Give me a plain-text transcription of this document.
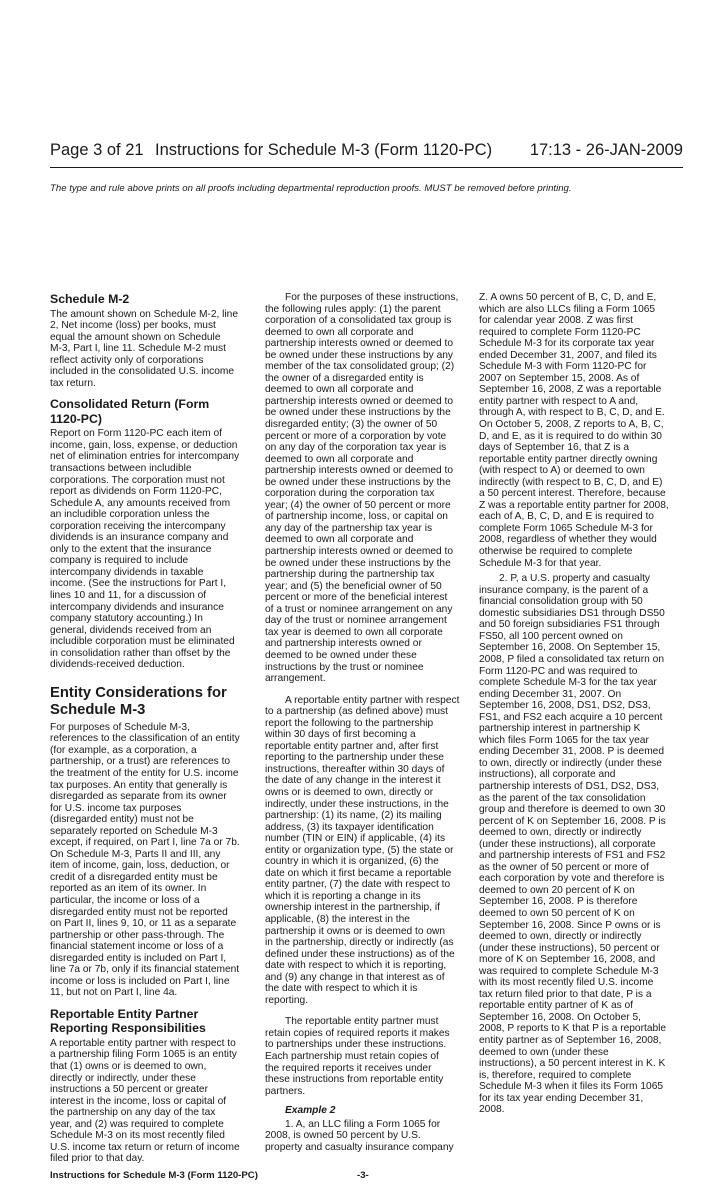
Page 3 of 21 Instructions for Schedule M-3 (Form 1120-PC) 17:13 - 26-JAN-2009
The type and rule above prints on all proofs including departmental reproduction proofs. MUST be removed before printing.
Schedule M-2

The amount shown on Schedule M-2, line

2, Net income (loss) per books, must

equal the amount shown on Schedule

M-3, Part I, line 11. Schedule M-2 must

reflect activity only of corporations

included in the consolidated U.S. income

tax return.

Consolidated Return (Form
1120-PC)

Report on Form 1120-PC each item of

income, gain, loss, expense, or deduction

net of elimination entries for intercompany

transactions between includible

corporations. The corporation must not

report as dividends on Form 1120-PC,

Schedule A, any amounts received from

an includible corporation unless the

corporation receiving the intercompany

dividends is an insurance company and

only to the extent that the insurance

company is required to include

intercompany dividends in taxable

income. (See the instructions for Part I,

lines 10 and 11, for a discussion of

intercompany dividends and insurance

company statutory accounting.) In

general, dividends received from an

includible corporation must be eliminated

in consolidation rather than offset by the

dividends-received deduction.

Entity Considerations for
Schedule M-3

For purposes of Schedule M-3,

references to the classification of an entity

(for example, as a corporation, a

partnership, or a trust) are references to

the treatment of the entity for U.S. income

tax purposes. An entity that generally is

disregarded as separate from its owner

for U.S. income tax purposes

(disregarded entity) must not be

separately reported on Schedule M-3

except, if required, on Part I, line 7a or 7b.

On Schedule M-3, Parts II and III, any

item of income, gain, loss, deduction, or

credit of a disregarded entity must be

reported as an item of its owner. In

particular, the income or loss of a

disregarded entity must not be reported

on Part II, lines 9, 10, or 11 as a separate

partnership or other pass-through. The

financial statement income or loss of a

disregarded entity is included on Part I,

line 7a or 7b, only if its financial statement

income or loss is included on Part I, line

11, but not on Part I, line 4a.

Reportable Entity Partner
Reporting Responsibilities

A reportable entity partner with respect to

a partnership filing Form 1065 is an entity

that (1) owns or is deemed to own,

directly or indirectly, under these

instructions a 50 percent or greater

interest in the income, loss or capital of

the partnership on any day of the tax

year, and (2) was required to complete

Schedule M-3 on its most recently filed

U.S. income tax return or return of income

filed prior to that day.

For the purposes of these instructions,

the following rules apply: (1) the parent

corporation of a consolidated tax group is

deemed to own all corporate and

partnership interests owned or deemed to

be owned under these instructions by any

member of the tax consolidated group; (2)

the owner of a disregarded entity is

deemed to own all corporate and

partnership interests owned or deemed to

be owned under these instructions by the

disregarded entity; (3) the owner of 50

percent or more of a corporation by vote

on any day of the corporation tax year is

deemed to own all corporate and

partnership interests owned or deemed to

be owned under these instructions by the

corporation during the corporation tax

year; (4) the owner of 50 percent or more

of partnership income, loss, or capital on

any day of the partnership tax year is

deemed to own all corporate and

partnership interests owned or deemed to

be owned under these instructions by the

partnership during the partnership tax

year; and (5) the beneficial owner of 50

percent or more of the beneficial interest

of a trust or nominee arrangement on any

day of the trust or nominee arrangement

tax year is deemed to own all corporate

and partnership interests owned or

deemed to be owned under these

instructions by the trust or nominee

arrangement.

A reportable entity partner with respect

to a partnership (as defined above) must

report the following to the partnership

within 30 days of first becoming a

reportable entity partner and, after first

reporting to the partnership under these

instructions, thereafter within 30 days of

the date of any change in the interest it

owns or is deemed to own, directly or

indirectly, under these instructions, in the

partnership: (1) its name, (2) its mailing

address, (3) its taxpayer identification

number (TIN or EIN) if applicable, (4) its

entity or organization type, (5) the state or

country in which it is organized, (6) the

date on which it first became a reportable

entity partner, (7) the date with respect to

which it is reporting a change in its

ownership interest in the partnership, if

applicable, (8) the interest in the

partnership it owns or is deemed to own

in the partnership, directly or indirectly (as

defined under these instructions) as of the

date with respect to which it is reporting,

and (9) any change in that interest as of

the date with respect to which it is

reporting.

The reportable entity partner must

retain copies of required reports it makes

to partnerships under these instructions.

Each partnership must retain copies of

the required reports it receives under

these instructions from reportable entity

partners.

Example 2

1. A, an LLC filing a Form 1065 for

2008, is owned 50 percent by U.S.

property and casualty insurance company

Z. A owns 50 percent of B, C, D, and E,

which are also LLCs filing a Form 1065

for calendar year 2008. Z was first

required to complete Form 1120-PC

Schedule M-3 for its corporate tax year

ended December 31, 2007, and filed its

Schedule M-3 with Form 1120-PC for

2007 on September 15, 2008. As of

September 16, 2008, Z was a reportable

entity partner with respect to A and,

through A, with respect to B, C, D, and E.

On October 5, 2008, Z reports to A, B, C,

D, and E, as it is required to do within 30

days of September 16, that Z is a

reportable entity partner directly owning

(with respect to A) or deemed to own

indirectly (with respect to B, C, D, and E)

a 50 percent interest. Therefore, because

Z was a reportable entity partner for 2008,

each of A, B, C, D, and E is required to

complete Form 1065 Schedule M-3 for

2008, regardless of whether they would

otherwise be required to complete

Schedule M-3 for that year.

2. P, a U.S. property and casualty

insurance company, is the parent of a

financial consolidation group with 50

domestic subsidiaries DS1 through DS50

and 50 foreign subsidiaries FS1 through

FS50, all 100 percent owned on

September 16, 2008. On September 15,

2008, P filed a consolidated tax return on

Form 1120-PC and was required to

complete Schedule M-3 for the tax year

ending December 31, 2007. On

September 16, 2008, DS1, DS2, DS3,

FS1, and FS2 each acquire a 10 percent

partnership interest in partnership K

which files Form 1065 for the tax year

ending December 31, 2008. P is deemed

to own, directly or indirectly (under these

instructions), all corporate and

partnership interests of DS1, DS2, DS3,

as the parent of the tax consolidation

group and therefore is deemed to own 30

percent of K on September 16, 2008. P is

deemed to own, directly or indirectly

(under these instructions), all corporate

and partnership interests of FS1 and FS2

as the owner of 50 percent or more of

each corporation by vote and therefore is

deemed to own 20 percent of K on

September 16, 2008. P is therefore

deemed to own 50 percent of K on

September 16, 2008. Since P owns or is

deemed to own, directly or indirectly

(under these instructions), 50 percent or

more of K on September 16, 2008, and

was required to complete Schedule M-3

with its most recently filed U.S. income

tax return filed prior to that date, P is a

reportable entity partner of K as of

September 16, 2008. On October 5,

2008, P reports to K that P is a reportable

entity partner as of September 16, 2008,

deemed to own (under these

instructions), a 50 percent interest in K. K

is, therefore, required to complete

Schedule M-3 when it files its Form 1065

for its tax year ending December 31,

2008.

Instructions for Schedule M-3 (Form 1120-PC)	-3-
